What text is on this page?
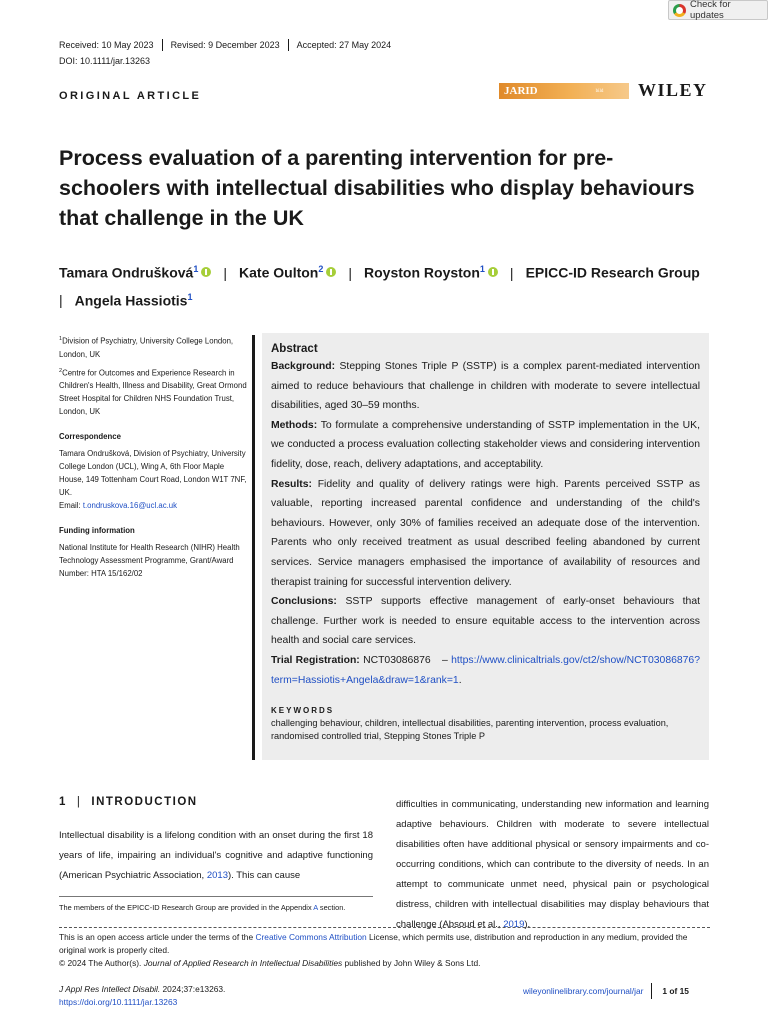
Check for updates
Received: 10 May 2023 Revised: 9 December 2023 Accepted: 27 May 2024
DOI: 10.1111/jar.13263
ORIGINAL ARTICLE	JARID	bild WILEY
Process evaluation of a parenting intervention for pre-schoolers with intellectual disabilities who display behaviours that challenge in the UK
Tamara Ondrušková$^1$ | Kate Oulton$^2$ | Royston Royston$^1$ | EPICC-ID Research Group
| Angela Hassiotis$^1$

$^1$Division of Psychiatry, University College London, London, UK

$^2$Centre for Outcomes and Experience Research in Children's Health, Illness and Disability, Great Ormond Street Hospital for Children NHS Foundation Trust, London, UK

Correspondence

Tamara Ondrušková, Division of Psychiatry, University College London (UCL), Wing A, 6th Floor Maple House, 149 Tottenham Court Road, London W1T 7NF, UK.
Email: t.ondruskova.16@ucl.ac.uk

Funding information

National Institute for Health Research (NIHR) Health Technology Assessment Programme, Grant/Award Number: HTA 15/162/02

Abstract
Background: Stepping Stones Triple P (SSTP) is a complex parent-mediated intervention aimed to reduce behaviours that challenge in children with moderate to severe intellectual disabilities, aged 30–59 months.
Methods: To formulate a comprehensive understanding of SSTP implementation in the UK, we conducted a process evaluation collecting stakeholder views and considering intervention fidelity, dose, reach, delivery adaptations, and acceptability.
Results: Fidelity and quality of delivery ratings were high. Parents perceived SSTP as valuable, reporting increased parental confidence and understanding of the child's behaviours. However, only 30% of families received an adequate dose of the intervention. Parents who only received treatment as usual described feeling abandoned by current services. Service managers emphasised the importance of availability of resources and therapist training for successful intervention delivery.
Conclusions: SSTP supports effective management of early-onset behaviours that challenge. Further work is needed to ensure equitable access to the intervention across health and social care services.
Trial Registration: NCT03086876 – https://www.clinicaltrials.gov/ct2/show/NCT03086876?term=Hassiotis+Angela&draw=1&rank=1.
KEYWORDS
challenging behaviour, children, intellectual disabilities, parenting intervention, process evaluation, randomised controlled trial, Stepping Stones Triple P
1 | INTRODUCTION
Intellectual disability is a lifelong condition with an onset during the first 18 years of life, impairing an individual's cognitive and adaptive functioning (American Psychiatric Association, 2013). This can cause
difficulties in communicating, understanding new information and learning adaptive behaviours. Children with moderate to severe intellectual disabilities often have additional physical or sensory impairments and co-occurring conditions, which can contribute to the diversity of needs. In an attempt to communicate unmet need, physical pain or psychological distress, children with intellectual disabilities may display behaviours that challenge (Absoud et al., 2019).
The members of the EPICC-ID Research Group are provided in the Appendix A section.
This is an open access article under the terms of the Creative Commons Attribution License, which permits use, distribution and reproduction in any medium, provided the original work is properly cited.
© 2024 The Author(s). Journal of Applied Research in Intellectual Disabilities published by John Wiley & Sons Ltd.
J Appl Res Intellect Disabil. 2024;37:e13263.
https://doi.org/10.1111/jar.13263
wileyonlinelibrary.com/journal/jar 1 of 15
